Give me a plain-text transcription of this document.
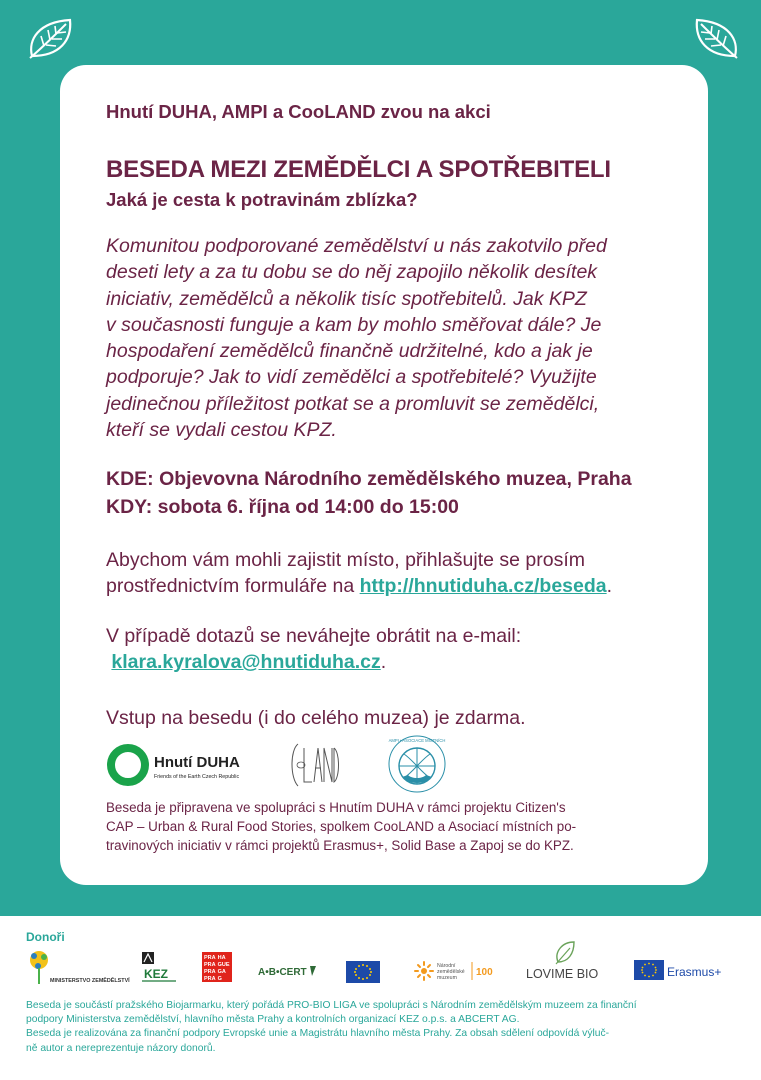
Hnutí DUHA, AMPI a CooLAND zvou na akci
BESEDA MEZI ZEMĚDĚLCI A SPOTŘEBITELI
Jaká je cesta k potravinám zblízka?
Komunitou podporované zemědělství u nás zakotvilo před
deseti lety a za tu dobu se do něj zapojilo několik desítek
iniciativ, zemědělců a několik tisíc spotřebitelů. Jak KPZ
v současnosti funguje a kam by mohlo směřovat dále? Je
hospodaření zemědělců finančně udržitelné, kdo a jak je
podporuje? Jak to vidí zemědělci a spotřebitelé? Využijte
jedinečnou příležitost potkat se a promluvit se zemědělci,
kteří se vydali cestou KPZ.
KDE: Objevovna Národního zemědělského muzea, Praha
KDY: sobota 6. října od 14:00 do 15:00
Abychom vám mohli zajistit místo, přihlašujte se prosím
prostřednictvím formuláře na http://hnutiduha.cz/beseda.
V případě dotazů se neváhejte obrátit na e-mail:
klara.kyralova@hnutiduha.cz.
Vstup na besedu (i do celého muzea) je zdarma.
Hnutí DUHA
Friends of the Earth Czech Republic
AMPI • ASOCIACE MÍSTNÍCH
Beseda je připravena ve spolupráci s Hnutím DUHA v rámci projektu Citizen's
CAP – Urban & Rural Food Stories, spolkem CooLAND a Asociací místních po-
travinových iniciativ v rámci projektů Erasmus+, Solid Base a Zapoj se do KPZ.
Donoři
MINISTERSTVO ZEMĚDĚLSTVÍ KEZ
PRA HA
PRA GUE
PRA GA
PRA G
A•B•CERT
Národní
zemědělské
muzeum 100	LOVIME BIO	Erasmus+
Beseda je součástí pražského Biojarmarku, který pořádá PRO-BIO LIGA ve spolupráci s Národním zemědělským muzeem za finanční
podpory Ministerstva zemědělství, hlavního města Prahy a kontrolních organizací KEZ o.p.s. a ABCERT AG.
Beseda je realizována za finanční podpory Evropské unie a Magistrátu hlavního města Prahy. Za obsah sdělení odpovídá výluč-
ně autor a nereprezentuje názory donorů.
